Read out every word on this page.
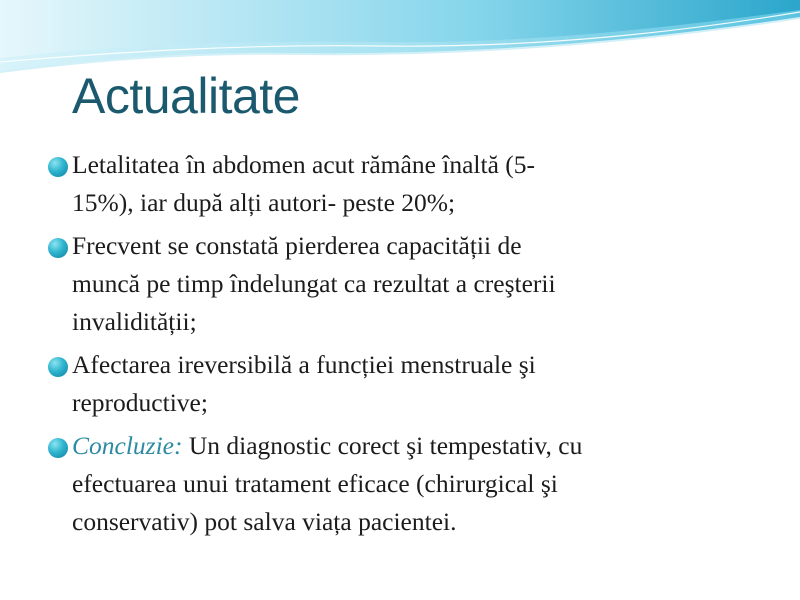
Actualitate
Letalitatea în abdomen acut rămâne înaltă (5-
15%), iar după alți autori- peste 20%;
Frecvent se constată pierderea capacității de
muncă pe timp îndelungat ca rezultat a creşterii
invalidității;
Afectarea ireversibilă a funcției menstruale şi
reproductive;
Concluzie: Un diagnostic corect şi tempestativ, cu
efectuarea unui tratament eficace (chirurgical şi
conservativ) pot salva viața pacientei.
